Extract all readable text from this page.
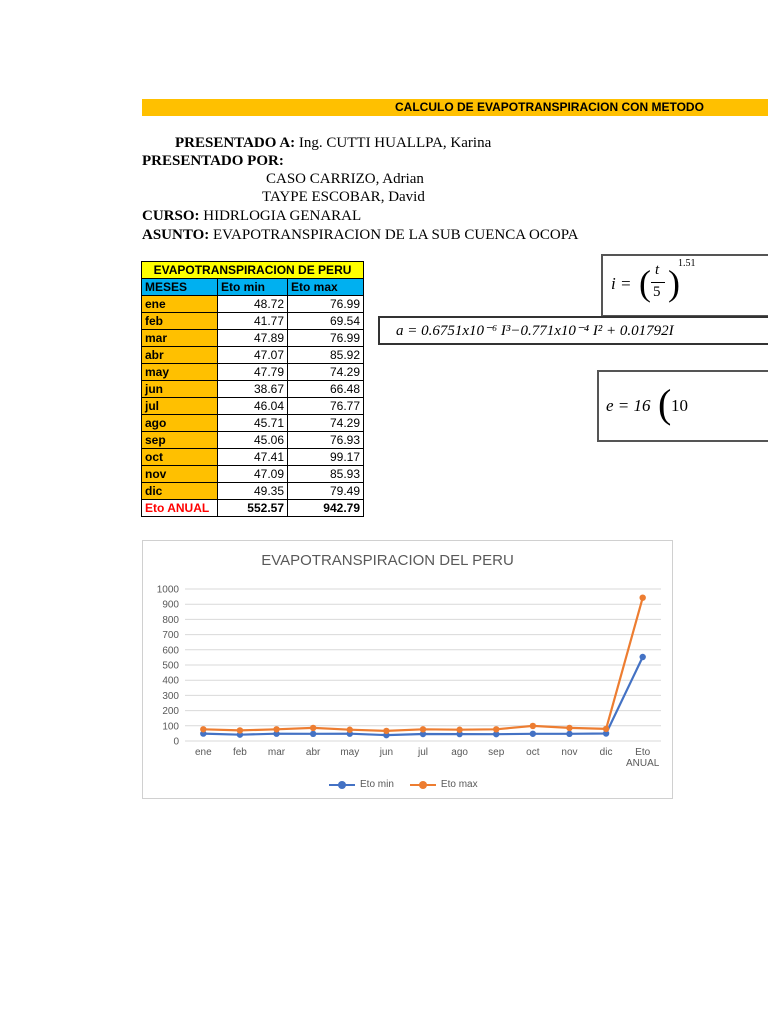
CALCULO DE EVAPOTRANSPIRACION CON METODO
PRESENTADO A: Ing. CUTTI HUALLPA, Karina
PRESENTADO POR:
CASO CARRIZO, Adrian
TAYPE ESCOBAR, David
CURSO: HIDRLOGIA GENARAL
ASUNTO: EVAPOTRANSPIRACION DE LA SUB CUENCA OCOPA
EVAPOTRANSPIRACION DE PERU		
MESES	Eto min	Eto max
ene	48.72	76.99
feb	41.77	69.54
mar	47.89	76.99
abr	47.07	85.92
may	47.79	74.29
jun	38.67	66.48
jul	46.04	76.77
ago	45.71	74.29
sep	45.06	76.93
oct	47.41	99.17
nov	47.09	85.93
dic	49.35	79.49
Eto ANUAL	552.57	942.79
i = ( t
5 )
1.51
a = 0.6751x10⁻⁶ I³−0.771x10⁻⁴ I² + 0.01792I
e = 16 ( 10
EVAPOTRANSPIRACION DEL PERU
0
100
200
300
400
500
600
700
800
900
1000
ene feb mar abr may jun jul ago sep oct nov dic Eto
ANUAL
Eto min	Eto max
